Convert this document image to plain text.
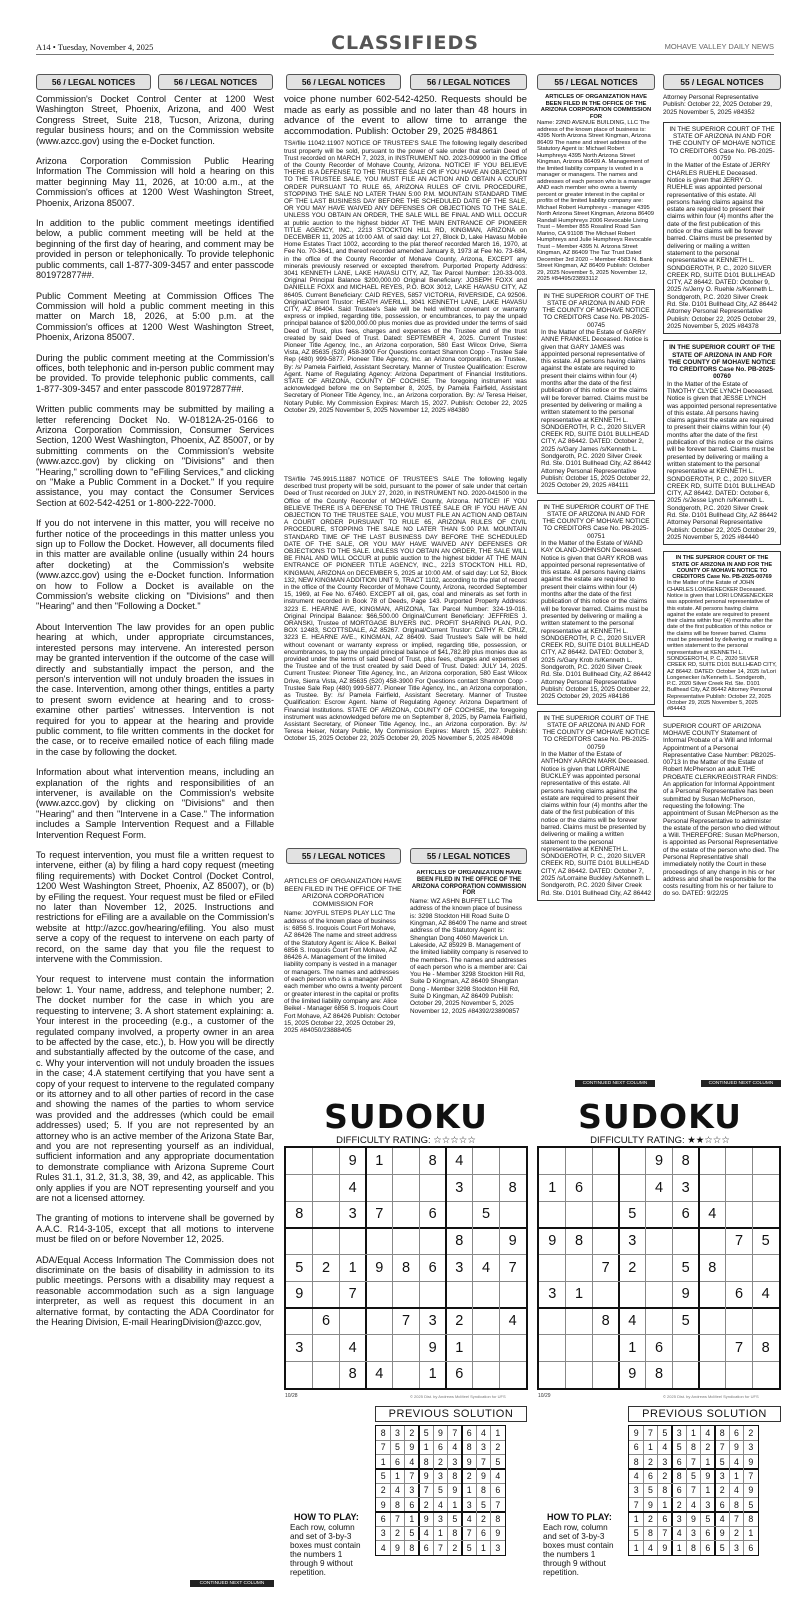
A14 • Tuesday, November 4, 2025	CLASSIFIEDS	MOHAVE VALLEY DAILY NEWS
56 / LEGAL NOTICES	56 / LEGAL NOTICES	56 / LEGAL NOTICES	56 / LEGAL NOTICES	55 / LEGAL NOTICES	55 / LEGAL NOTICES
55 / LEGAL NOTICES	55 / LEGAL NOTICES

Commission's Docket Control Center at 1200 West Washington Street, Phoenix, Arizona, and 400 West Congress Street, Suite 218, Tucson, Arizona, during regular business hours; and on the Commission website (www.azcc.gov) using the e-Docket function.

Arizona Corporation Commission Public Hearing Information The Commission will hold a hearing on this matter beginning May 11, 2026, at 10:00 a.m., at the Commission's offices at 1200 West Washington Street, Phoenix, Arizona 85007.

In addition to the public comment meetings identified below, a public comment meeting will be held at the beginning of the first day of hearing, and comment may be provided in person or telephonically. To provide telephonic public comments, call 1-877-309-3457 and enter passcode 801972877##.

Public Comment Meeting at Commission Offices The Commission will hold a public comment meeting in this matter on March 18, 2026, at 5:00 p.m. at the Commission's offices at 1200 West Washington Street, Phoenix, Arizona 85007.

During the public comment meeting at the Commission's offices, both telephonic and in-person public comment may be provided. To provide telephonic public comments, call 1-877-309-3457 and enter passcode 801972877##.

Written public comments may be submitted by mailing a letter referencing Docket No. W-01812A-25-0166 to Arizona Corporation Commission, Consumer Services Section, 1200 West Washington, Phoenix, AZ 85007, or by submitting comments on the Commission's website (www.azcc.gov) by clicking on "Divisions" and then "Hearing," scrolling down to "eFiling Services," and clicking on "Make a Public Comment in a Docket." If you require assistance, you may contact the Consumer Services Section at 602-542-4251 or 1-800-222-7000.

If you do not intervene in this matter, you will receive no further notice of the proceedings in this matter unless you sign up to Follow the Docket. However, all documents filed in this matter are available online (usually within 24 hours after docketing) at the Commission's website (www.azcc.gov) using the e-Docket function. Information on how to Follow a Docket is available on the Commission's website clicking on "Divisions" and then "Hearing" and then "Following a Docket."

About Intervention The law provides for an open public hearing at which, under appropriate circumstances, interested persons may intervene. An interested person may be granted intervention if the outcome of the case will directly and substantially impact the person, and the person's intervention will not unduly broaden the issues in the case. Intervention, among other things, entitles a party to present sworn evidence at hearing and to cross-examine other parties' witnesses. Intervention is not required for you to appear at the hearing and provide public comment, to file written comments in the docket for the case, or to receive emailed notice of each filing made in the case by following the docket.

Information about what intervention means, including an explanation of the rights and responsibilities of an intervener, is available on the Commission's website (www.azcc.gov) by clicking on "Divisions" and then "Hearing" and then "Intervene in a Case." The information includes a Sample Intervention Request and a Fillable Intervention Request Form.

To request intervention, you must file a written request to intervene, either (a) by filing a hard copy request (meeting filing requirements) with Docket Control (Docket Control, 1200 West Washington Street, Phoenix, AZ 85007), or (b) by eFiling the request. Your request must be filed or eFiled no later than November 12, 2025. Instructions and restrictions for eFiling are a available on the Commission's website at http://azcc.gov/hearing/efiling. You also must serve a copy of the request to intervene on each party of record, on the same day that you file the request to intervene with the Commission.

Your request to intervene must contain the information below: 1. Your name, address, and telephone number; 2. The docket number for the case in which you are requesting to intervene; 3. A short statement explaining: a. Your interest in the proceeding (e.g., a customer of the regulated company involved, a property owner in an area to be affected by the case, etc.), b. How you will be directly and substantially affected by the outcome of the case, and c. Why your intervention will not unduly broaden the issues in the case; 4.A statement certifying that you have sent a copy of your request to intervene to the regulated company or its attorney and to all other parties of record in the case and showing the names of the parties to whom service was provided and the addresses (which could be email addresses) used; 5. If you are not represented by an attorney who is an active member of the Arizona State Bar, and you are not representing yourself as an individual, sufficient information and any appropriate documentation to demonstrate compliance with Arizona Supreme Court Rules 31.1, 31.2, 31.3, 38, 39, and 42, as applicable. This only applies if you are NOT representing yourself and you are not a licensed attorney.

The granting of motions to intervene shall be governed by A.A.C. R14-3-105, except that all motions to intervene must be filed on or before November 12, 2025.

ADA/Equal Access Information The Commission does not discriminate on the basis of disability in admission to its public meetings. Persons with a disability may request a reasonable accommodation such as a sign language interpreter, as well as request this document in an alternative format, by contacting the ADA Coordinator for the Hearing Division, E-mail HearingDivision@azcc.gov,

CONTINUED NEXT COLUMN
voice phone number 602-542-4250. Requests should be made as early as possible and no later than 48 hours in advance of the event to allow time to arrange the accommodation. Publish: October 29, 2025 #84861
TS#/file 11042.11907 NOTICE OF TRUSTEE'S SALE The following legally described trust property will be sold, pursuant to the power of sale under that certain Deed of Trust recorded on MARCH 7, 2023, in INSTRUMENT NO. 2023-009900 in the Office of the County Recorder of Mohave County, Arizona. NOTICE! IF YOU BELIEVE THERE IS A DEFENSE TO THE TRUSTEE SALE OR IF YOU HAVE AN OBJECTION TO THE TRUSTEE SALE, YOU MUST FILE AN ACTION AND OBTAIN A COURT ORDER PURSUANT TO RULE 65, ARIZONA RULES OF CIVIL PROCEDURE, STOPPING THE SALE NO LATER THAN 5:00 P.M. MOUNTAIN STANDARD TIME OF THE LAST BUSINESS DAY BEFORE THE SCHEDULED DATE OF THE SALE, OR YOU MAY HAVE WAIVED ANY DEFENSES OR OBJECTIONS TO THE SALE. UNLESS YOU OBTAIN AN ORDER, THE SALE WILL BE FINAL AND WILL OCCUR at public auction to the highest bidder AT THE MAIN ENTRANCE OF PIONEER TITLE AGENCY, INC., 2213 STOCKTON HILL RD, KINGMAN, ARIZONA on DECEMBER 11, 2025 at 10:00 AM. of said day: Lot 27, Block D, Lake Havasu Mobile Home Estates Tract 1002, according to the plat thereof recorded March 16, 1970, at Fee No. 70-3641, and thereof recorded amended January 8, 1973 at Fee No. 73-684, in the office of the County Recorder of Mohave County, Arizona, EXCEPT any minerals previously reserved or excepted therefrom. Purported Property Address: 3041 KENNETH LANE, LAKE HAVASU CITY, AZ, Tax Parcel Number: 120-33-003. Original Principal Balance $200,000.00 Original Beneficiary: JOSEPH FOXX and DANIELLE FOXX and MICHAEL REYES, P.O. BOX 3012, LAKE HAVASU CITY, AZ 86405. Current Beneficiary: CAID REYES, 5857 VICTORIA, RIVERSIDE, CA 92506. Original/Current Trustor: HEATH AVERILL, 3041 KENNETH LANE, LAKE HAVASU CITY, AZ 86404. Said Trustee's Sale will be held without covenant or warranty express or implied, regarding title, possession, or encumbrances, to pay the unpaid principal balance of $200,000.00 plus monies due as provided under the terms of said Deed of Trust, plus fees, charges and expenses of the Trustee and of the trust created by said Deed of Trust. Dated: SEPTEMBER 4, 2025. Current Trustee: Pioneer Title Agency, Inc., an Arizona corporation, 580 East Wilcox Drive, Sierra Vista, AZ 85635 (520) 458-3900 For Questions contact Shannon Copp - Trustee Sale Rep (480) 999-5877. Pioneer Title Agency, Inc. an Arizona corporation, as Trustee, By: /s/ Pamela Fairfield, Assistant Secretary. Manner of Trustee Qualification: Escrow Agent. Name of Regulating Agency: Arizona Department of Financial Institutions. STATE OF ARIZONA, COUNTY OF COCHISE. The foregoing instrument was acknowledged before me on September 8, 2025, by Pamela Fairfield, Assistant Secretary of Pioneer Title Agency, Inc., an Arizona corporation. By: /s/ Teresa Heiser, Notary Public. My Commission Expires: March 15, 2027. Publish: October 22, 2025 October 29, 2025 November 5, 2025 November 12, 2025 #84380
TS#/file 745.9915.11887 NOTICE OF TRUSTEE'S SALE The following legally described trust property will be sold, pursuant to the power of sale under that certain Deed of Trust recorded on JULY 27, 2020, in INSTRUMENT NO. 2020-041500 in the Office of the County Recorder of MOHAVE County, Arizona. NOTICE! IF YOU BELIEVE THERE IS A DEFENSE TO THE TRUSTEE SALE OR IF YOU HAVE AN OBJECTION TO THE TRUSTEE SALE, YOU MUST FILE AN ACTION AND OBTAIN A COURT ORDER PURSUANT TO RULE 65, ARIZONA RULES OF CIVIL PROCEDURE, STOPPING THE SALE NO LATER THAN 5:00 P.M. MOUNTAIN STANDARD TIME OF THE LAST BUSINESS DAY BEFORE THE SCHEDULED DATE OF THE SALE, OR YOU MAY HAVE WAIVED ANY DEFENSES OR OBJECTIONS TO THE SALE. UNLESS YOU OBTAIN AN ORDER, THE SALE WILL BE FINAL AND WILL OCCUR at public auction to the highest bidder AT THE MAIN ENTRANCE OF PIONEER TITLE AGENCY, INC., 2213 STOCKTON HILL RD, KINGMAN, ARIZONA on DECEMBER 5, 2025 at 10:00 AM. of said day: Lot 52, Block 132, NEW KINGMAN ADDITION UNIT 9, TRACT 1102, according to the plat of record in the office of the County Recorder of Mohave County, Arizona, recorded September 15, 1969, at Fee No. 67460. EXCEPT all oil, gas, coal and minerals as set forth in instrument recorded in Book 78 of Deeds, Page 143. Purported Property Address: 3223 E. HEARNE AVE, KINGMAN, ARIZONA, Tax Parcel Number: 324-19-016. Original Principal Balance: $66,500.00 Original/Current Beneficiary: JEFFRIES J. ORANSKI, Trustee of MORTGAGE BUYERS INC. PROFIT SHARING PLAN, P.O. BOX 12483, SCOTTSDALE, AZ 85267. Original/Current Trustor: CATHY R. CRUZ, 3223 E. HEARNE AVE., KINGMAN, AZ 86409. Said Trustee's Sale will be held without covenant or warranty express or implied, regarding title, possession, or encumbrances, to pay the unpaid principal balance of $41,782.89 plus monies due as provided under the terms of said Deed of Trust, plus fees, charges and expenses of the Trustee and of the trust created by said Deed of Trust. Dated: JULY 14, 2025. Current Trustee: Pioneer Title Agency, Inc., an Arizona corporation, 580 East Wilcox Drive, Sierra Vista, AZ 85635 (520) 458-3900 For Questions contact Shannon Copp - Trustee Sale Rep (480) 999-5877. Pioneer Title Agency, Inc., an Arizona corporation, as Trustee. By: /s/ Pamela Fairfield, Assistant Secretary. Manner of Trustee Qualification: Escrow Agent. Name of Regulating Agency: Arizona Department of Financial Institutions. STATE OF ARIZONA, COUNTY OF COCHISE, the foregoing instrument was acknowledged before me on September 8, 2025, by Pamela Fairfield, Assistant Secretary, of Pioneer Title Agency, Inc., an Arizona corporation. By: /s/ Teresa Heiser, Notary Public, My Commission Expires: March 15, 2027. Publish: October 15, 2025 October 22, 2025 October 29, 2025 November 5, 2025 #84098
ARTICLES OF ORGANIZATION HAVE BEEN FILED IN THE OFFICE OF THE ARIZONA CORPORATION COMMISSION FOR
Name: JOYFUL STEPS PLAY LLC The address of the known place of business is: 6856 S. Iroquois Court Fort Mohave, AZ 86426 The name and street address of the Statutory Agent is: Alice K. Beikel 6856 S. Iroquois Court Fort Mohave, AZ 86426 A. Management of the limited liability company is vested in a manager or managers. The names and addresses of each person who is a manager AND each member who owns a twenty percent or greater interest in the capital or profits of the limited liability company are: Alice Beikel - Manager 6856 S. Iroquois Court Fort Mohave, AZ 86426 Publish: October 15, 2025 October 22, 2025 October 29, 2025 #84050/23888405
ARTICLES OF ORGANIZATION HAVE BEEN FILED IN THE OFFICE OF THE ARIZONA CORPORATION COMMISSION FOR
Name: WZ ASHN BUFFET LLC The address of the known place of business is: 3298 Stockton Hill Road Suite D Kingman, AZ 86409 The name and street address of the Statutory Agent is: Shengtan Dong 4060 Maverick Ln. Lakeside, AZ 85929 B. Management of the limited liability company is reserved to the members. The names and addresses of each person who is a member are: Cai You He - Member 3298 Stockton Hill Rd, Suite D Kingman, AZ 86409 Shengtan Dong - Member 3298 Stockton Hill Rd, Suite D Kingman, AZ 86409 Publish: October 29, 2025 November 5, 2025 November 12, 2025 #84392/23890857
ARTICLES OF ORGANIZATION HAVE BEEN FILED IN THE OFFICE OF THE ARIZONA CORPORATION COMMISSION FOR
Name: 22ND AVENUE BUILDING, LLC The address of the known place of business is: 4395 North Arizona Street Kingman, Arizona 86409 The name and street address of the Statutory Agent is: Michael Robert Humphreys 4395 North Arizona Street Kingman, Arizona 86409 A. Management of the limited liability company is vested in a manager or managers. The names and addresses of each person who is a manager AND each member who owns a twenty percent or greater interest in the capital or profits of the limited liability company are: Michael Robert Humphreys - manager 4395 North Arizona Street Kingman, Arizona 86409 Randall Humphreys 2006 Revocable Living Trust – Member 855 Rosalind Road San Marino, CA 91108 The Michael Robert Humphreys and Julie Humphreys Revocable Trust – Member 4395 N. Arizona Street Kingman, AZ 86409 The Taz Trust Dated December 3rd 2020 – Member 4583 N. Bank Street Kingman, AZ 86409 Publish: October 29, 2025 November 5, 2025 November 12, 2025 #84495/23893112
IN THE SUPERIOR COURT OF THE STATE OF ARIZONA IN AND FOR THE COUNTY OF MOHAVE NOTICE TO CREDITORS Case No. PB-2025-00745
In the Matter of the Estate of GARRY ANNE FRANKEL Deceased. Notice is given that GARY JAMES was appointed personal representative of this estate. All persons having claims against the estate are required to present their claims within four (4) months after the date of the first publication of this notice or the claims will be forever barred. Claims must be presented by delivering or mailing a written statement to the personal representative at KENNETH L. SONDGEROTH, P. C., 2020 SILVER CREEK RD, SUITE D101 BULLHEAD CITY, AZ 86442. DATED: October 2, 2025 /s/Gary James /s/Kenneth L. Sondgeroth, P.C. 2020 Silver Creek Rd. Ste. D101 Bullhead City, AZ 86442 Attorney Personal Representative Publish: October 15, 2025 October 22, 2025 October 29, 2025 #84111
IN THE SUPERIOR COURT OF THE STATE OF ARIZONA IN AND FOR THE COUNTY OF MOHAVE NOTICE TO CREDITORS Case No. PB-2025-00751
In the Matter of the Estate of WAND KAY OLAND-JOHNSON Deceased. Notice is given that GARY KROB was appointed personal representative of this estate. All persons having claims against the estate are required to present their claims within four (4) months after the date of the first publication of this notice or the claims will be forever barred. Claims must be presented by delivering or mailing a written statement to the personal representative at KENNETH L. SONDGEROTH, P. C., 2020 SILVER CREEK RD, SUITE D101 BULLHEAD CITY, AZ 86442. DATED: October 3, 2025 /s/Gary Krob /s/Kenneth L. Sondgeroth, P.C. 2020 Silver Creek Rd. Ste. D101 Bullhead City, AZ 86442 Attorney Personal Representative Publish: October 15, 2025 October 22, 2025 October 29, 2025 #84186
IN THE SUPERIOR COURT OF THE STATE OF ARIZONA IN AND FOR THE COUNTY OF MOHAVE NOTICE TO CREDITORS Case No. PB-2025-00759
In the Matter of the Estate of ANTHONY AARON MARK Deceased. Notice is given that LORRAINE BUCKLEY was appointed personal representative of this estate. All persons having claims against the estate are required to present their claims within four (4) months after the date of the first publication of this notice or the claims will be forever barred. Claims must be presented by delivering or mailing a written statement to the personal representative at KENNETH L. SONDGEROTH, P. C., 2020 SILVER CREEK RD, SUITE D101 BULLHEAD CITY, AZ 86442. DATED: October 7, 2025 /s/Lorraine Buckley /s/Kenneth L. Sondgeroth, P.C. 2020 Silver Creek Rd. Ste. D101 Bullhead City, AZ 86442
CONTINUED NEXT COLUMN
Attorney Personal Representative Publish: October 22, 2025 October 29, 2025 November 5, 2025 #84352
IN THE SUPERIOR COURT OF THE STATE OF ARIZONA IN AND FOR THE COUNTY OF MOHAVE NOTICE TO CREDITORS Case No. PB-2025-00759
In the Matter of the Estate of JERRY CHARLES RUEHLE Deceased. Notice is given that JERRY O. RUEHLE was appointed personal representative of this estate. All persons having claims against the estate are required to present their claims within four (4) months after the date of the first publication of this notice or the claims will be forever barred. Claims must be presented by delivering or mailing a written statement to the personal representative at KENNETH L. SONDGEROTH, P. C., 2020 SILVER CREEK RD, SUITE D101 BULLHEAD CITY, AZ 86442. DATED: October 9, 2025 /s/Jerry O. Ruehle /s/Kenneth L. Sondgeroth, P.C. 2020 Silver Creek Rd. Ste. D101 Bullhead City, AZ 86442 Attorney Personal Representative Publish: October 22, 2025 October 29, 2025 November 5, 2025 #84378
IN THE SUPERIOR COURT OF THE STATE OF ARIZONA IN AND FOR THE COUNTY OF MOHAVE NOTICE TO CREDITORS Case No. PB-2025-00760
In the Matter of the Estate of TIMOTHY CLYDE LYNCH Deceased. Notice is given that JESSE LYNCH was appointed personal representative of this estate. All persons having claims against the estate are required to present their claims within four (4) months after the date of the first publication of this notice or the claims will be forever barred. Claims must be presented by delivering or mailing a written statement to the personal representative at KENNETH L. SONDGEROTH, P. C., 2020 SILVER CREEK RD, SUITE D101 BULLHEAD CITY, AZ 86442. DATED: October 6, 2025 /s/Jesse Lynch /s/Kenneth L. Sondgeroth, P.C. 2020 Silver Creek Rd. Ste. D101 Bullhead City, AZ 86442 Attorney Personal Representative Publish: October 22, 2025 October 29, 2025 November 5, 2025 #84440
IN THE SUPERIOR COURT OF THE STATE OF ARIZONA IN AND FOR THE COUNTY OF MOHAVE NOTICE TO CREDITORS Case No. PB-2025-00769
In the Matter of the Estate of JOHN CHARLES LONGENECKER Deceased. Notice is given that LORI LONGENECKER was appointed personal representative of this estate. All persons having claims against the estate are required to present their claims within four (4) months after the date of the first publication of this notice or the claims will be forever barred. Claims must be presented by delivering or mailing a written statement to the personal representative at KENNETH L. SONDGEROTH, P. C., 2020 SILVER CREEK RD, SUITE D101 BULLHEAD CITY, AZ 86442. DATED: October 14, 2025 /s/Lori Longenecker /s/Kenneth L. Sondgeroth, P.C. 2020 Silver Creek Rd. Ste. D101 Bullhead City, AZ 86442 Attorney Personal Representative Publish: October 22, 2025 October 29, 2025 November 5, 2025 #84443
SUPERIOR COURT OF ARIZONA MOHAVE COUNTY Statement of Informal Probate of a Will and Informal Appointment of a Personal Representative Case Number: PB2025-00713 In the Matter of the Estate of Robert McPherson an adult THE PROBATE CLERK/REGISTRAR FINDS: An application for Informal Appointment of a Personal Representative has been submitted by Susan McPherson, requesting the following: The appointment of Susan McPherson as the Personal Representative to administer the estate of the person who died without a Will. THEREFORE: Susan McPherson, is appointed as Personal Representative of the estate of the person who died. The Personal Representative shall immediately notify the Court in these proceedings of any change in his or her address and shall be responsible for the costs resulting from his or her failure to do so. DATED: 9/22/25
CONTINUED NEXT COLUMN
SUDOKU
DIFFICULTY RATING: ☆☆☆☆☆
9	1	8	4
4	3	8
8	3	7	6	5
8	9
5	2	1	9	8	6	3	4	7
9	7
6	7	3	2	4
3	4	9	1
8	4	1	6
10/28	© 2025 Dist. by Andrews McMeel Syndication for UFS
PREVIOUS SOLUTION
8	3	2	5	9	7	6	4	1
7	5	9	1	6	4	8	3	2
1	6	4	8	2	3	9	7	5
5	1	7	9	3	8	2	9	4
2	4	3	7	5	9	1	8	6
9	8	6	2	4	1	3	5	7
6	7	1	9	3	5	4	2	8
3	2	5	4	1	8	7	6	9
4	9	8	6	7	2	5	1	3
HOW TO PLAY:
Each row, column and set of 3-by-3 boxes must contain the numbers 1 through 9 without repetition.
SUDOKU
DIFFICULTY RATING: ★★☆☆☆
9	8
1	6	4	3
5	6	4
9	8	3	7	5
7	2	5	8
3	1	9	6	4
8	4	5
1	6	7	8
9	8
10/29	© 2025 Dist. by Andrews McMeel Syndication for UFS
PREVIOUS SOLUTION
9	7	5	3	1	4	8	6	2
6	1	4	5	8	2	7	9	3
8	2	3	6	7	1	5	4	9
4	6	2	8	5	9	3	1	7
3	5	8	6	7	1	2	4	9
7	9	1	2	4	3	6	8	5
1	2	6	3	9	5	4	7	8
5	8	7	4	3	6	9	2	1
1	4	9	1	8	6	5	3	6
HOW TO PLAY:
Each row, column and set of 3-by-3 boxes must contain the numbers 1 through 9 without repetition.
